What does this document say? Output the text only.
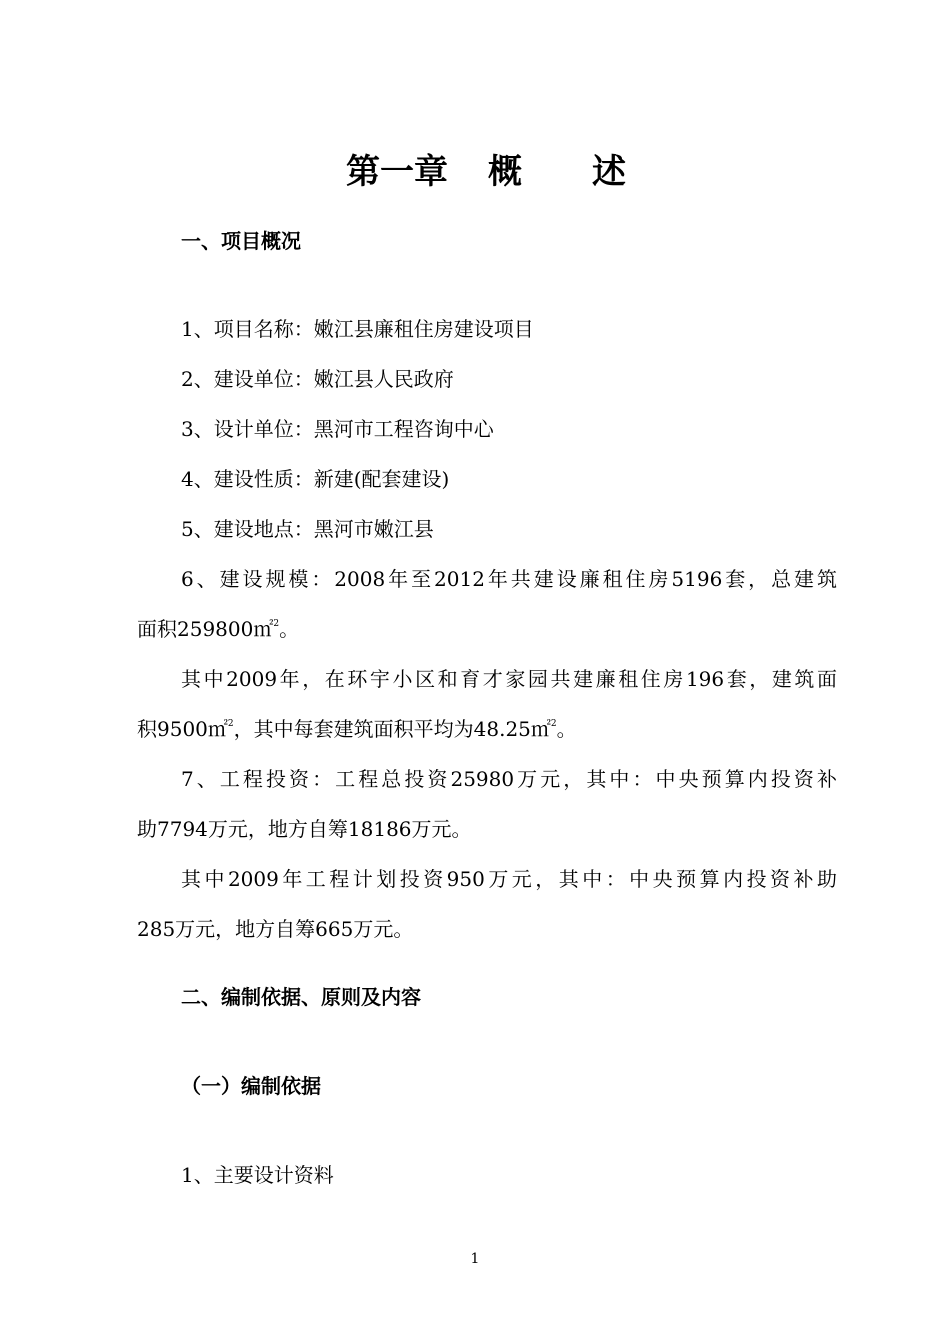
第一章 概 述
一、项目概况
1、项目名称：嫩江县廉租住房建设项目
2、建设单位：嫩江县人民政府
3、设计单位：黑河市工程咨询中心
4、建设性质：新建(配套建设)
5、建设地点：黑河市嫩江县
6、建设规模：2008年至2012年共建设廉租住房5196套，总建筑
面积259800㎡$^2$。
其中2009年，在环宇小区和育才家园共建廉租住房196套，建筑面
积9500㎡$^2$，其中每套建筑面积平均为48.25㎡$^2$。
7、工程投资：工程总投资25980万元，其中：中央预算内投资补
助7794万元，地方自筹18186万元。
其中2009年工程计划投资950万元，其中：中央预算内投资补助
285万元，地方自筹665万元。
二、编制依据、原则及内容
（一）编制依据
1、主要设计资料
1
